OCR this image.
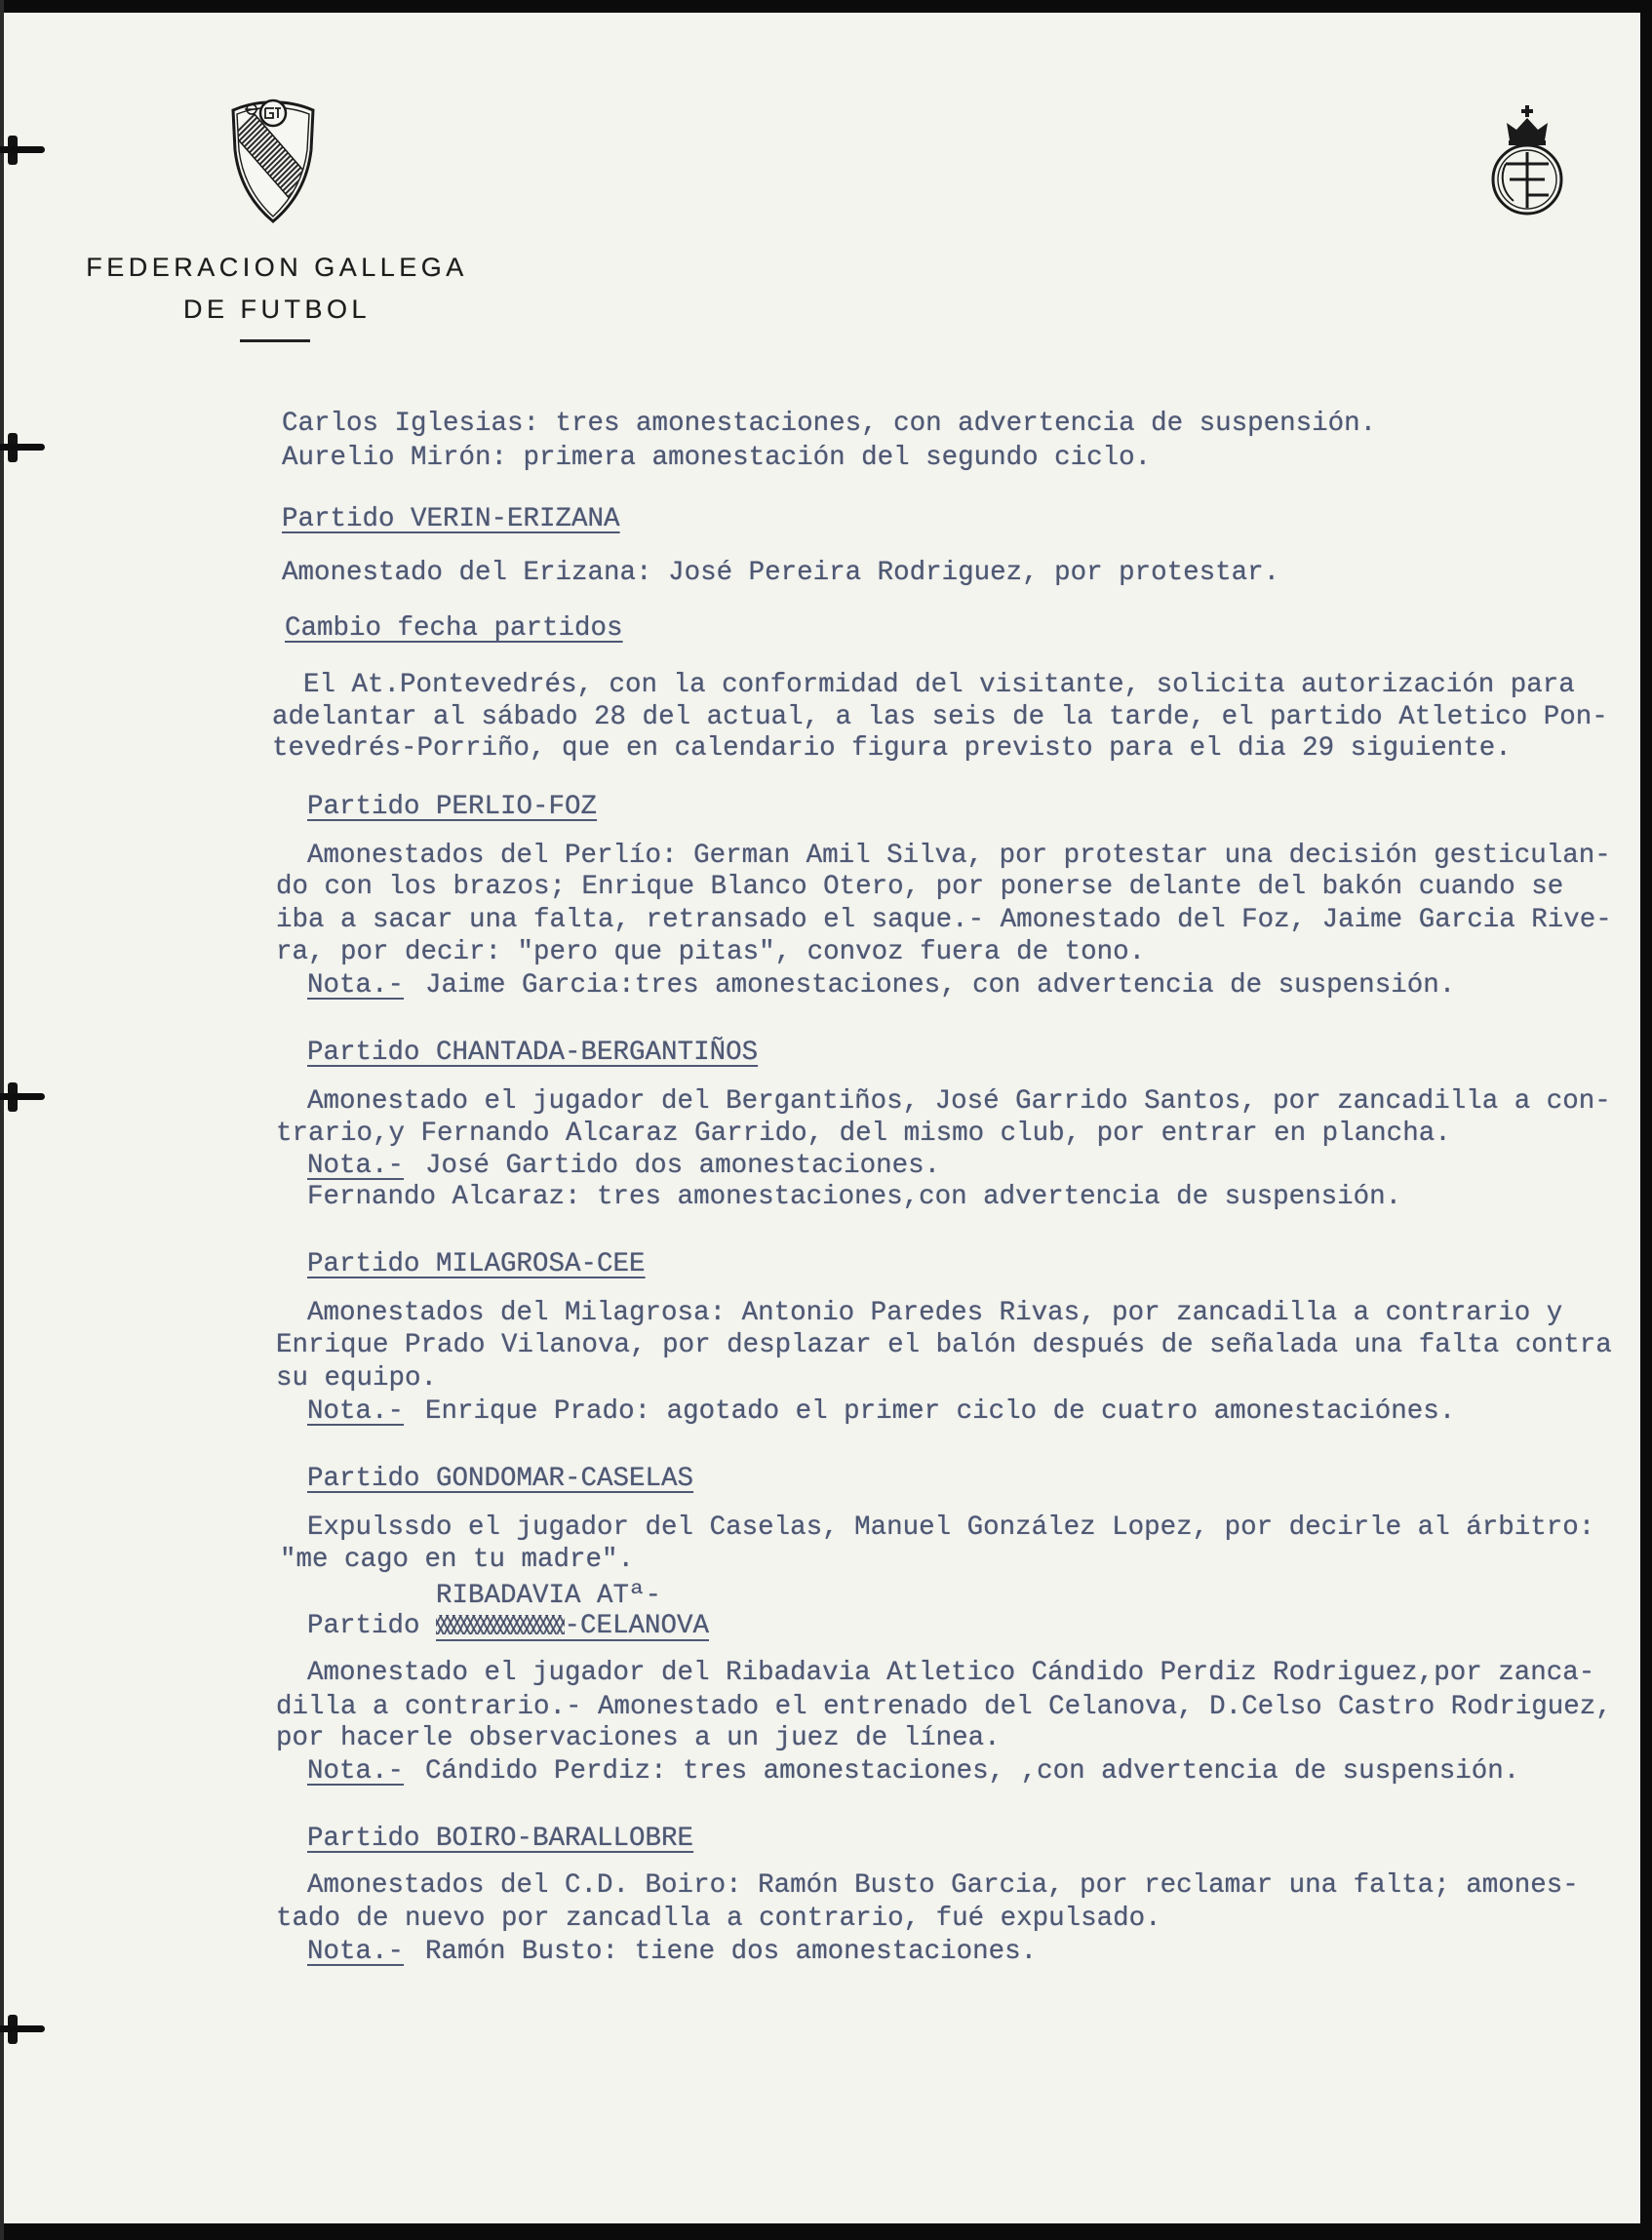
FEDERACION GALLEGA
DE FUTBOL
Carlos Iglesias: tres amonestaciones, con advertencia de suspensión.
Aurelio Mirón: primera amonestación del segundo ciclo.
Partido VERIN-ERIZANA
Amonestado del Erizana: José Pereira Rodriguez, por protestar.
Cambio fecha partidos
El At.Pontevedrés, con la conformidad del visitante, solicita autorización para
adelantar al sábado 28 del actual, a las seis de la tarde, el partido Atletico Pon-
tevedrés-Porriño, que en calendario figura previsto para el dia 29 siguiente.
Partido PERLIO-FOZ
Amonestados del Perlío: German Amil Silva, por protestar una decisión gesticulan-
do con los brazos; Enrique Blanco Otero, por ponerse delante del bakón cuando se
iba a sacar una falta, retransado el saque.- Amonestado del Foz, Jaime Garcia Rive-
ra, por decir: "pero que pitas", convoz fuera de tono.
Nota.- Jaime Garcia:tres amonestaciones, con advertencia de suspensión.
Partido CHANTADA-BERGANTIÑOS
Amonestado el jugador del Bergantiños, José Garrido Santos, por zancadilla a con-
trario,y Fernando Alcaraz Garrido, del mismo club, por entrar en plancha.
Nota.- José Gartido dos amonestaciones.
Fernando Alcaraz: tres amonestaciones,con advertencia de suspensión.
Partido MILAGROSA-CEE
Amonestados del Milagrosa: Antonio Paredes Rivas, por zancadilla a contrario y
Enrique Prado Vilanova, por desplazar el balón después de señalada una falta contra
su equipo.
Nota.- Enrique Prado: agotado el primer ciclo de cuatro amonestaciónes.
Partido GONDOMAR-CASELAS
Expulssdo el jugador del Caselas, Manuel González Lopez, por decirle al árbitro:
"me cago en tu madre".
RIBADAVIA ATª-
Partido	-CELANOVA
Amonestado el jugador del Ribadavia Atletico Cándido Perdiz Rodriguez,por zanca-
dilla a contrario.- Amonestado el entrenado del Celanova, D.Celso Castro Rodriguez,
por hacerle observaciones a un juez de línea.
Nota.- Cándido Perdiz: tres amonestaciones, ,con advertencia de suspensión.
Partido BOIRO-BARALLOBRE
Amonestados del C.D. Boiro: Ramón Busto Garcia, por reclamar una falta; amones-
tado de nuevo por zancadlla a contrario, fué expulsado.
Nota.- Ramón Busto: tiene dos amonestaciones.
